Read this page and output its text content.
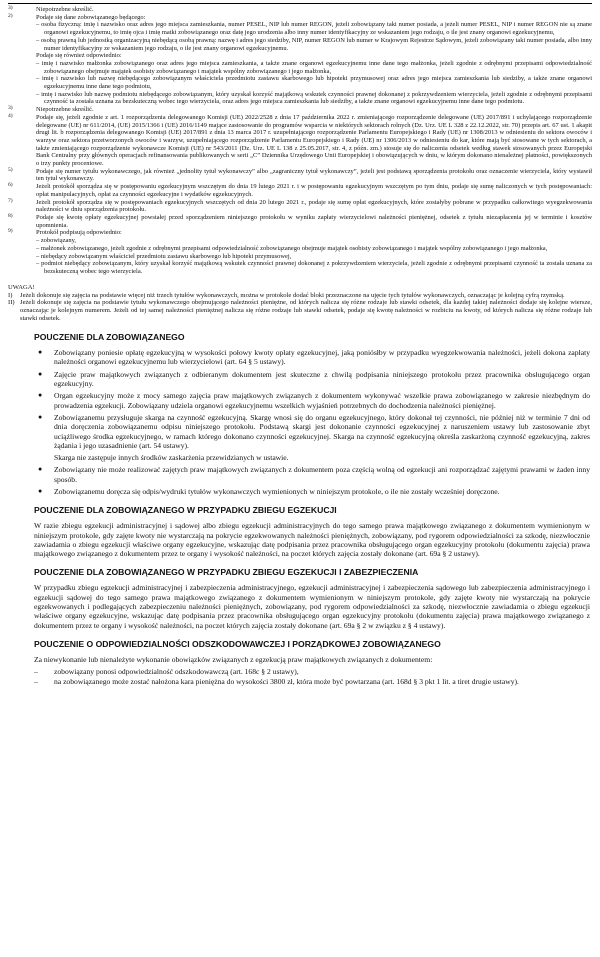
3)	Niepotrzebne skreślić.

2)	Podaje się dane zobowiązanego będącego:

– osoba fizyczną: imię i nazwisko oraz adres jego miejsca zamieszkania, numer PESEL, NIP lub numer REGON, jeżeli zobowiązany taki numer posiada, a jeżeli numer PESEL, NIP i numer REGON nie są znane organowi egzekucyjnemu, to imię ojca i imię matki zobowiązanego oraz datę jego urodzenia albo inny numer identyfikacyjny ze wskazaniem jego rodzaju, o ile jest znany organowi egzekucyjnemu,

– osobą prawną lub jednostką organizacyjną niebędącą osobą prawną: nazwę i adres jego siedziby, NIP, numer REGON lub numer w Krajowym Rejestrze Sądowym, jeżeli zobowiązany taki numer posiada, albo inny numer identyfikacyjny ze wskazaniem jego rodzaju, o ile jest znany organowi egzekucyjnemu.

Podaje się również odpowiednio:

– imię i nazwisko małżonka zobowiązanego oraz adres jego miejsca zamieszkania, a także znane organowi egzekucyjnemu inne dane tego małżonka, jeżeli zgodnie z odrębnymi przepisami odpowiedzialność zobowiązanego obejmuje majątek osobisty zobowiązanego i majątek wspólny zobowiązanego i jego małżonka,

– imię i nazwisko lub nazwę niebędącego zobowiązanym właściciela przedmiotu zastawu skarbowego lub hipoteki przymusowej oraz adres jego miejsca zamieszkania lub siedziby, a także znane organowi egzekucyjnemu inne dane tego podmiotu,

– imię i nazwisko lub nazwę podmiotu niebędącego zobowiązanym, który uzyskał korzyść majątkową wskutek czynności prawnej dokonanej z pokrzywdzeniem wierzyciela, jeżeli zgodnie z odrębnymi przepisami czynność ta została uznana za bezskuteczną wobec tego wierzyciela, oraz adres jego miejsca zamieszkania lub siedziby, a także znane organowi egzekucyjnemu inne dane tego podmiotu.

3)	Niepotrzebne skreślić.

4)	Podaje się, jeżeli zgodnie z art. 1 rozporządzenia delegowanego Komisji (UE) 2022/2528 z dnia 17 października 2022 r. zmieniającego rozporządzenie delegowane (UE) 2017/891 i uchylającego rozporządzenie delegowane (UE) nr 611/2014, (UE) 2015/1366 i (UE) 2016/1149 mające zastosowanie do programów wsparcia w niektórych sektorach rolnych (Dz. Urz. UE L 328 z 22.12.2022, str. 70) przepis art. 67 ust. 1 akapit drugi lit. b rozporządzenia delegowanego Komisji (UE) 2017/891 z dnia 13 marca 2017 r. uzupełniającego rozporządzenie Parlamentu Europejskiego i Rady (UE) nr 1308/2013 w odniesieniu do sektora owoców i warzyw oraz sektora przetworzonych owoców i warzyw, uzupełniającego rozporządzenie Parlamentu Europejskiego i Rady (UE) nr 1306/2013 w odniesieniu do kar, które mają być stosowane w tych sektorach, a także zmieniającego rozporządzenie wykonawcze Komisji (UE) nr 543/2011 (Dz. Urz. UE L 138 z 25.05.2017, str. 4, z późn. zm.) stosuje się do naliczenia odsetek według stawek stosowanych przez Europejski Bank Centralny przy głównych operacjach refinansowania publikowanych w serii „C” Dziennika Urzędowego Unii Europejskiej i obowiązujących w dniu, w którym dokonano nienależnej płatności, powiększonych o trzy punkty procentowe.

5)	Podaje się numer tytułu wykonawczego, jak również „jednolity tytuł wykonawczy” albo „zagraniczny tytuł wykonawczy”, jeżeli jest podstawą sporządzenia protokołu oraz oznaczenie wierzyciela, który wystawił ten tytuł wykonawczy.

6)	Jeżeli protokół sporządza się w postępowaniu egzekucyjnym wszczętym do dnia 19 lutego 2021 r. i w postępowaniu egzekucyjnym wszczętym po tym dniu, podaje się sumę naliczonych w tych postępowaniach: opłat manipulacyjnych, opłat za czynności egzekucyjne i wydatków egzekucyjnych.

7)	Jeżeli protokół sporządza się w postępowaniach egzekucyjnych wszczętych od dnia 20 lutego 2021 r., podaje się sumę opłat egzekucyjnych, które zostałyby pobrane w przypadku całkowitego wyegzekwowania należności w dniu sporządzenia protokołu.

8)	Podaje się kwotę opłaty egzekucyjnej powstałej przed sporządzeniem niniejszego protokołu w wyniku zapłaty wierzycielowi należności pieniężnej, odsetek z tytułu niezapłacenia jej w terminie i kosztów upomnienia.

9)	Protokół podpisują odpowiednio:

– zobowiązany,

– małżonek zobowiązanego, jeżeli zgodnie z odrębnymi przepisami odpowiedzialność zobowiązanego obejmuje majątek osobisty zobowiązanego i majątek wspólny zobowiązanego i jego małżonka,

– niebędący zobowiązanym właściciel przedmiotu zastawu skarbowego lub hipoteki przymusowej,

– podmiot niebędący zobowiązanym, który uzyskał korzyść majątkową wskutek czynności prawnej dokonanej z pokrzywdzeniem wierzyciela, jeżeli zgodnie z odrębnymi przepisami czynność ta została uznana za bezskuteczną wobec tego wierzyciela.

UWAGA!
I)	Jeżeli dokonuje się zajęcia na podstawie więcej niż trzech tytułów wykonawczych, można w protokole dodać bloki przeznaczone na ujęcie tych tytułów wykonawczych, oznaczając je kolejną cyfrą rzymską.
II) Jeżeli dokonuje się zajęcia na podstawie tytułu wykonawczego obejmującego należności pieniężne, od których nalicza się różne rodzaje lub stawki odsetek, dla każdej takiej należności dodaje się kolejne wiersze, oznaczając je kolejnym numerem. Jeżeli od tej samej należności pieniężnej nalicza się różne rodzaje lub stawki odsetek, podaje się kwotę należności w rozbiciu na kwoty, od których nalicza się różne rodzaje lub stawki odsetek.
POUCZENIE DLA ZOBOWIĄZANEGO
●	Zobowiązany poniesie opłatę egzekucyjną w wysokości połowy kwoty opłaty egzekucyjnej, jaką poniósłby w przypadku wyegzekwowania należności, jeżeli dokona zapłaty należności organowi egzekucyjnemu lub wierzycielowi (art. 64 § 5 ustawy).
●	Zajęcie praw majątkowych związanych z odbieranym dokumentem jest skuteczne z chwilą podpisania niniejszego protokołu przez pracownika obsługującego organ egzekucyjny.
●	Organ egzekucyjny może z mocy samego zajęcia praw majątkowych związanych z dokumentem wykonywać wszelkie prawa zobowiązanego w zakresie niezbędnym do prowadzenia egzekucji. Zobowiązany udziela organowi egzekucyjnemu wszelkich wyjaśnień potrzebnych do dochodzenia należności pieniężnej.
●	Zobowiązanemu przysługuje skarga na czynność egzekucyjną. Skargę wnosi się do organu egzekucyjnego, który dokonał tej czynności, nie później niż w terminie 7 dni od dnia doręczenia zobowiązanemu odpisu niniejszego protokołu. Podstawą skargi jest dokonanie czynności egzekucyjnej z naruszeniem ustawy lub zastosowanie zbyt uciążliwego środka egzekucyjnego, w ramach którego dokonano czynności egzekucyjnej. Skarga na czynność egzekucyjną określa zaskarżoną czynność egzekucyjną, zakres żądania i jego uzasadnienie (art. 54 ustawy).
Skarga nie zastępuje innych środków zaskarżenia przewidzianych w ustawie.
●	Zobowiązany nie może realizować zajętych praw majątkowych związanych z dokumentem poza częścią wolną od egzekucji ani rozporządzać zajętymi prawami w żaden inny sposób.
●	Zobowiązanemu doręcza się odpis/wydruki tytułów wykonawczych wymienionych w niniejszym protokole, o ile nie zostały wcześniej doręczone.
POUCZENIE DLA ZOBOWIĄZANEGO W PRZYPADKU ZBIEGU EGZEKUCJI

W razie zbiegu egzekucji administracyjnej i sądowej albo zbiegu egzekucji administracyjnych do tego samego prawa majątkowego związanego z dokumentem wymienionym w niniejszym protokole, gdy zajęte kwoty nie wystarczają na pokrycie egzekwowanych należności pieniężnych, zobowiązany, pod rygorem odpowiedzialności za szkodę, niezwłocznie zawiadamia o zbiegu egzekucji właściwe organy egzekucyjne, wskazując datę podpisania przez pracownika obsługującego organ egzekucyjny protokołu (dokumentu zajęcia) prawa majątkowego związanego z dokumentem przez te organy i wysokość należności, na poczet których zajęcia zostały dokonane (art. 69a § 2 ustawy).

POUCZENIE DLA ZOBOWIĄZANEGO W PRZYPADKU ZBIEGU EGZEKUCJI I ZABEZPIECZENIA

W przypadku zbiegu egzekucji administracyjnej i zabezpieczenia administracyjnego, egzekucji administracyjnej i zabezpieczenia sądowego lub zabezpieczenia administracyjnego i egzekucji sądowej do tego samego prawa majątkowego związanego z dokumentem wymienionym w niniejszym protokole, gdy zajęte kwoty nie wystarczają na pokrycie egzekwowanych i podlegających zabezpieczeniu należności pieniężnych, zobowiązany, pod rygorem odpowiedzialności za szkodę, niezwłocznie zawiadamia o zbiegu egzekucji właściwe organy egzekucyjne, wskazując datę podpisania przez pracownika obsługującego organ egzekucyjny protokołu (dokumentu zajęcia) prawa majątkowego związanego z dokumentem przez te organy i wysokość należności, na poczet których zajęcia zostały dokonane (art. 69a § 2 w związku z § 4 ustawy).

POUCZENIE O ODPOWIEDZIALNOŚCI ODSZKODOWAWCZEJ I PORZĄDKOWEJ ZOBOWIĄZANEGO

Za niewykonanie lub nienależyte wykonanie obowiązków związanych z egzekucją praw majątkowych związanych z dokumentem:

–	zobowiązany ponosi odpowiedzialność odszkodowawczą (art. 168c § 2 ustawy),
–	na zobowiązanego może zostać nałożona kara pieniężna do wysokości 3800 zł, która może być powtarzana (art. 168d § 3 pkt 1 lit. a tiret drugie ustawy).
